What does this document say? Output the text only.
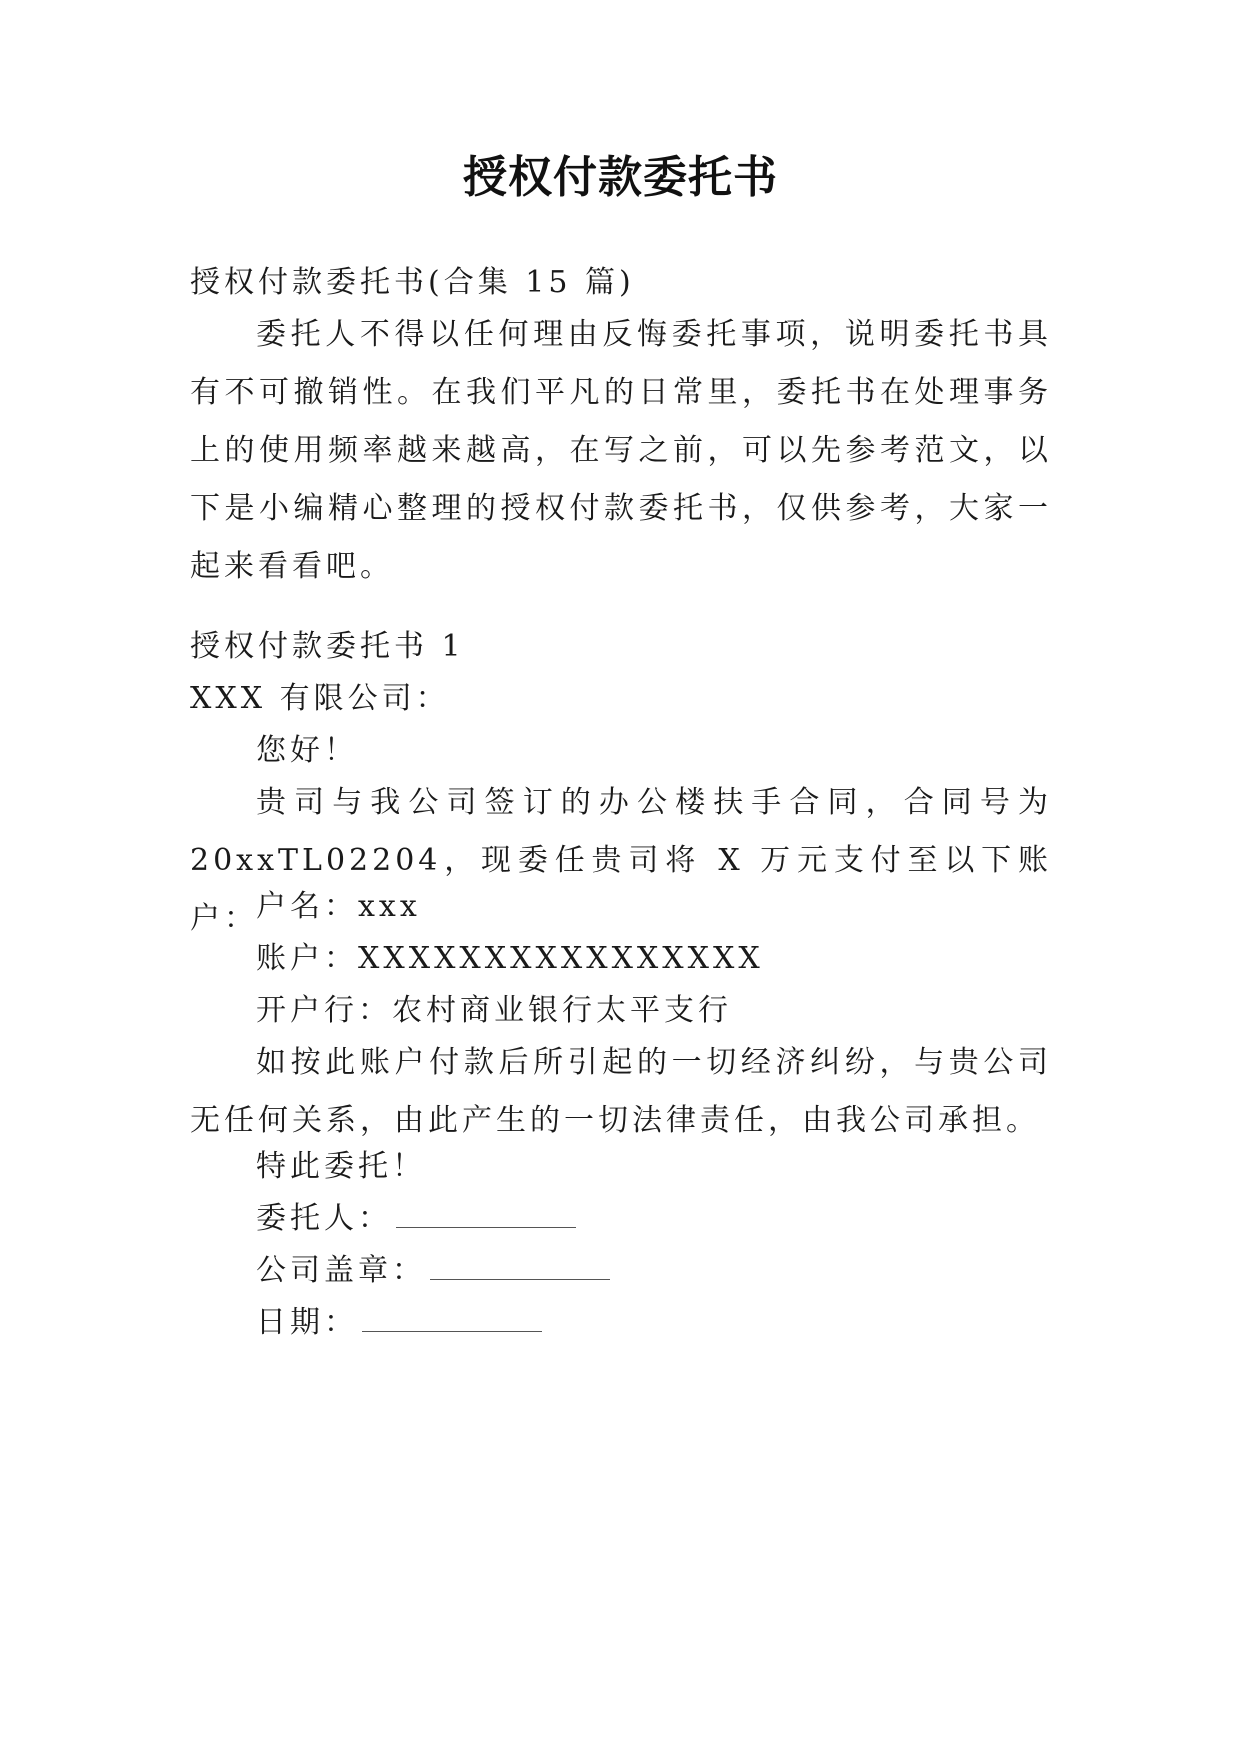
授权付款委托书
授权付款委托书(合集 15 篇)
委托人不得以任何理由反悔委托事项，说明委托书具有不可撤销性。在我们平凡的日常里，委托书在处理事务上的使用频率越来越高，在写之前，可以先参考范文，以下是小编精心整理的授权付款委托书，仅供参考，大家一起来看看吧。
授权付款委托书 1
XXX 有限公司：
您好！
贵司与我公司签订的办公楼扶手合同，合同号为 20xxTL02204，现委任贵司将 X 万元支付至以下账户：
户名：xxx
账户：XXXXXXXXXXXXXXXX
开户行：农村商业银行太平支行
如按此账户付款后所引起的一切经济纠纷，与贵公司无任何关系，由此产生的一切法律责任，由我公司承担。
特此委托！
委托人：
公司盖章：
日期：
